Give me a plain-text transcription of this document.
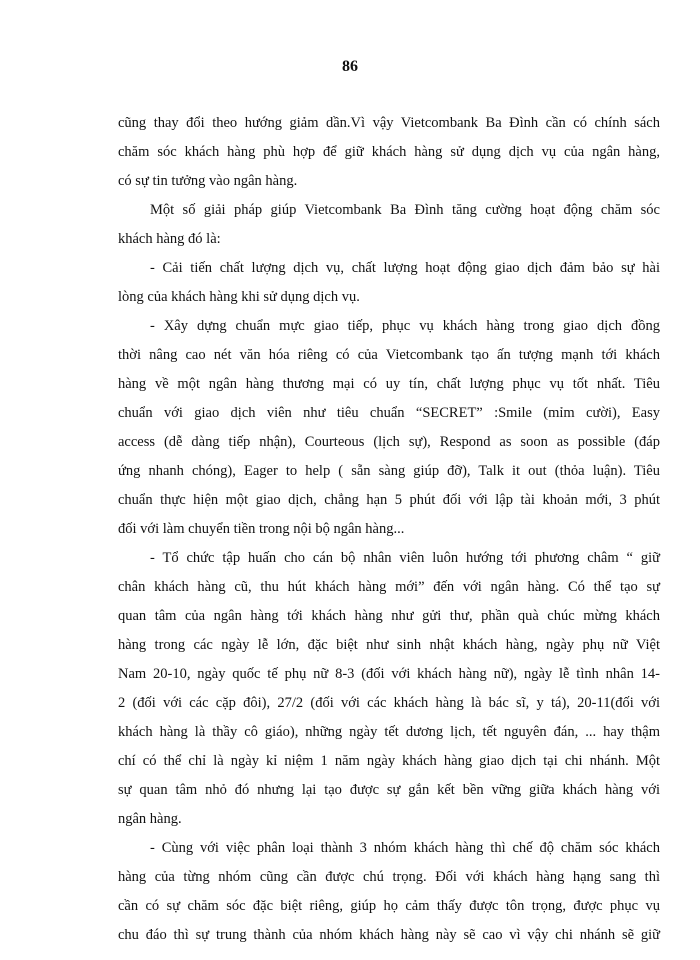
86
cũng thay đổi theo hướng giảm dần.Vì vậy Vietcombank Ba Đình cần có chính sách
chăm sóc khách hàng phù hợp để giữ khách hàng sử dụng dịch vụ của ngân hàng,
có sự tin tưởng vào ngân hàng.
Một số giải pháp giúp Vietcombank Ba Đình tăng cường hoạt động chăm sóc
khách hàng đó là:
- Cải tiến chất lượng dịch vụ, chất lượng hoạt động giao dịch đảm bảo sự hài
lòng của khách hàng khi sử dụng dịch vụ.
- Xây dựng chuẩn mực giao tiếp, phục vụ khách hàng trong giao dịch đồng
thời nâng cao nét văn hóa riêng có của Vietcombank tạo ấn tượng mạnh tới khách
hàng về một ngân hàng thương mại có uy tín, chất lượng phục vụ tốt nhất. Tiêu
chuẩn với giao dịch viên như tiêu chuẩn “SECRET” :Smile (mỉm cười), Easy
access (dễ dàng tiếp nhận), Courteous (lịch sự), Respond as soon as possible (đáp
ứng nhanh chóng), Eager to help ( sẵn sàng giúp đỡ), Talk it out (thỏa luận). Tiêu
chuẩn thực hiện một giao dịch, chẳng hạn 5 phút đối với lập tài khoản mới, 3 phút
đối với làm chuyển tiền trong nội bộ ngân hàng...
- Tổ chức tập huấn cho cán bộ nhân viên luôn hướng tới phương châm “ giữ
chân khách hàng cũ, thu hút khách hàng mới” đến với ngân hàng. Có thể tạo sự
quan tâm của ngân hàng tới khách hàng như gửi thư, phần quà chúc mừng khách
hàng trong các ngày lễ lớn, đặc biệt như sinh nhật khách hàng, ngày phụ nữ Việt
Nam 20-10, ngày quốc tế phụ nữ 8-3 (đối với khách hàng nữ), ngày lễ tình nhân 14-
2 (đối với các cặp đôi), 27/2 (đối với các khách hàng là bác sĩ, y tá), 20-11(đối với
khách hàng là thầy cô giáo), những ngày tết dương lịch, tết nguyên đán, ... hay thậm
chí có thể chỉ là ngày kỉ niệm 1 năm ngày khách hàng giao dịch tại chi nhánh. Một
sự quan tâm nhỏ đó nhưng lại tạo được sự gắn kết bền vững giữa khách hàng với
ngân hàng.
- Cùng với việc phân loại thành 3 nhóm khách hàng thì chế độ chăm sóc khách
hàng của từng nhóm cũng cần được chú trọng. Đối với khách hàng hạng sang thì
cần có sự chăm sóc đặc biệt riêng, giúp họ cảm thấy được tôn trọng, được phục vụ
chu đáo thì sự trung thành của nhóm khách hàng này sẽ cao vì vậy chi nhánh sẽ giữ
